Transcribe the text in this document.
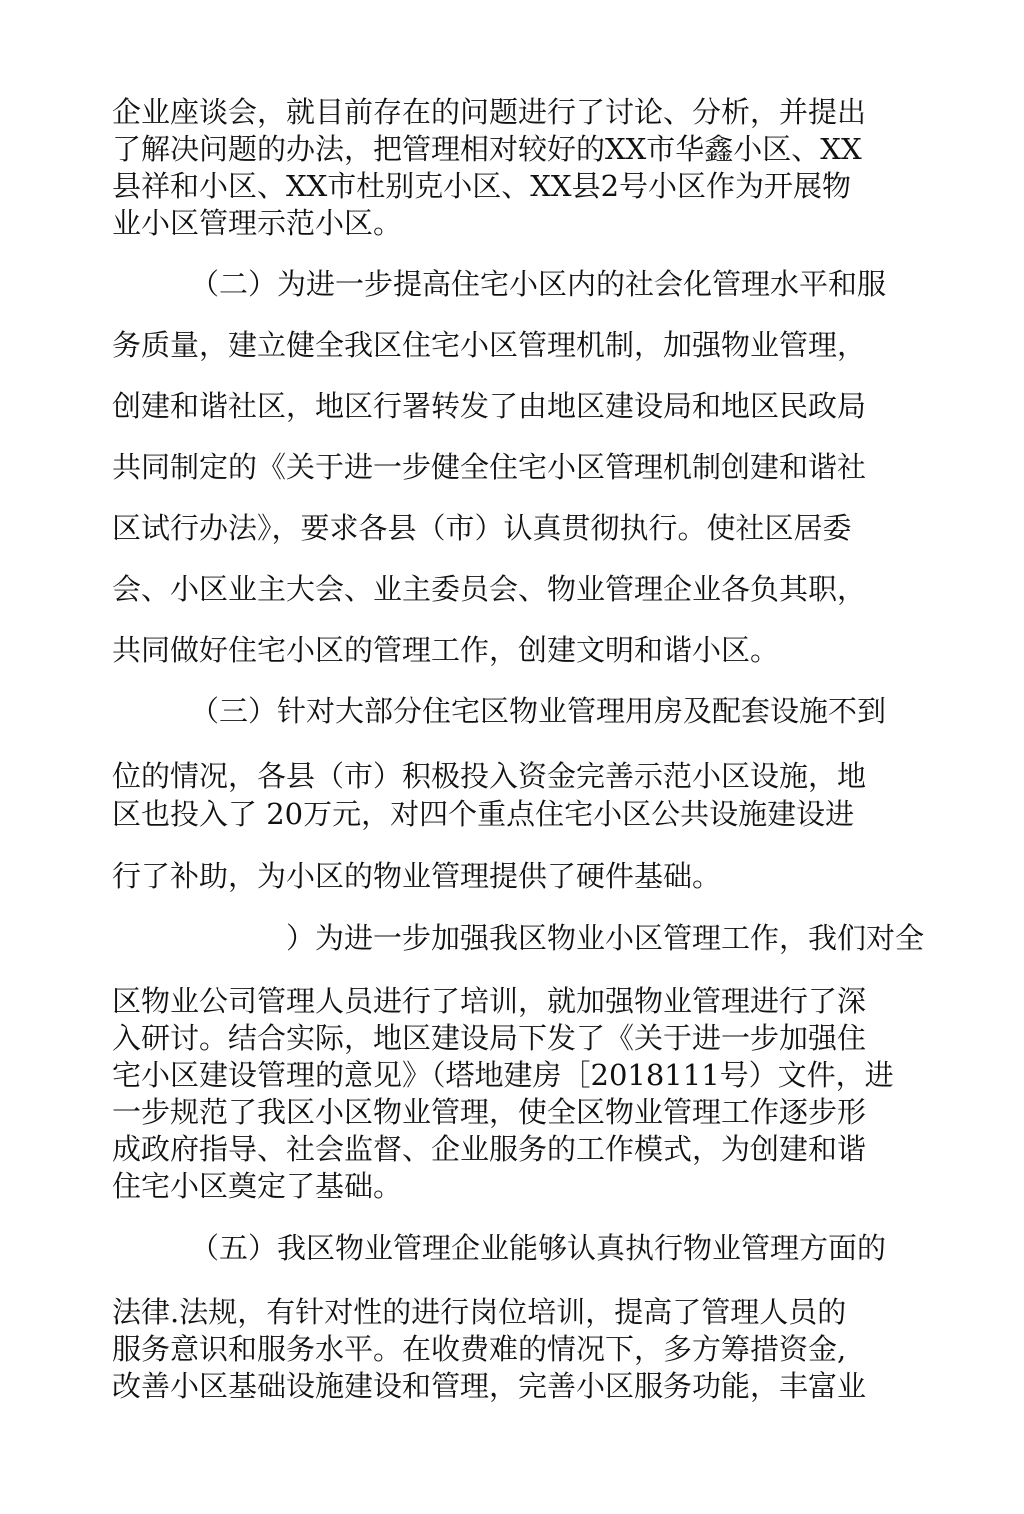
企业座谈会，就目前存在的问题进行了讨论、分析，并提出
了解决问题的办法，把管理相对较好的XX市华鑫小区、XX
县祥和小区、XX市杜别克小区、XX县2号小区作为开展物
业小区管理示范小区。
（二）为进一步提高住宅小区内的社会化管理水平和服
务质量，建立健全我区住宅小区管理机制，加强物业管理，
创建和谐社区，地区行署转发了由地区建设局和地区民政局
共同制定的《关于进一步健全住宅小区管理机制创建和谐社
区试行办法》，要求各县（市）认真贯彻执行。使社区居委
会、小区业主大会、业主委员会、物业管理企业各负其职，
共同做好住宅小区的管理工作，创建文明和谐小区。
（三）针对大部分住宅区物业管理用房及配套设施不到
位的情况，各县（市）积极投入资金完善示范小区设施，地
区也投入了 20万元，对四个重点住宅小区公共设施建设进
行了补助，为小区的物业管理提供了硬件基础。
）为进一步加强我区物业小区管理工作，我们对全
区物业公司管理人员进行了培训，就加强物业管理进行了深
入研讨。结合实际，地区建设局下发了《关于进一步加强住
宅小区建设管理的意见》（塔地建房［2018111号）文件，进
一步规范了我区小区物业管理，使全区物业管理工作逐步形
成政府指导、社会监督、企业服务的工作模式，为创建和谐
住宅小区奠定了基础。
（五）我区物业管理企业能够认真执行物业管理方面的
法律.法规，有针对性的进行岗位培训，提高了管理人员的
服务意识和服务水平。在收费难的情况下，多方筹措资金,
改善小区基础设施建设和管理，完善小区服务功能，丰富业
